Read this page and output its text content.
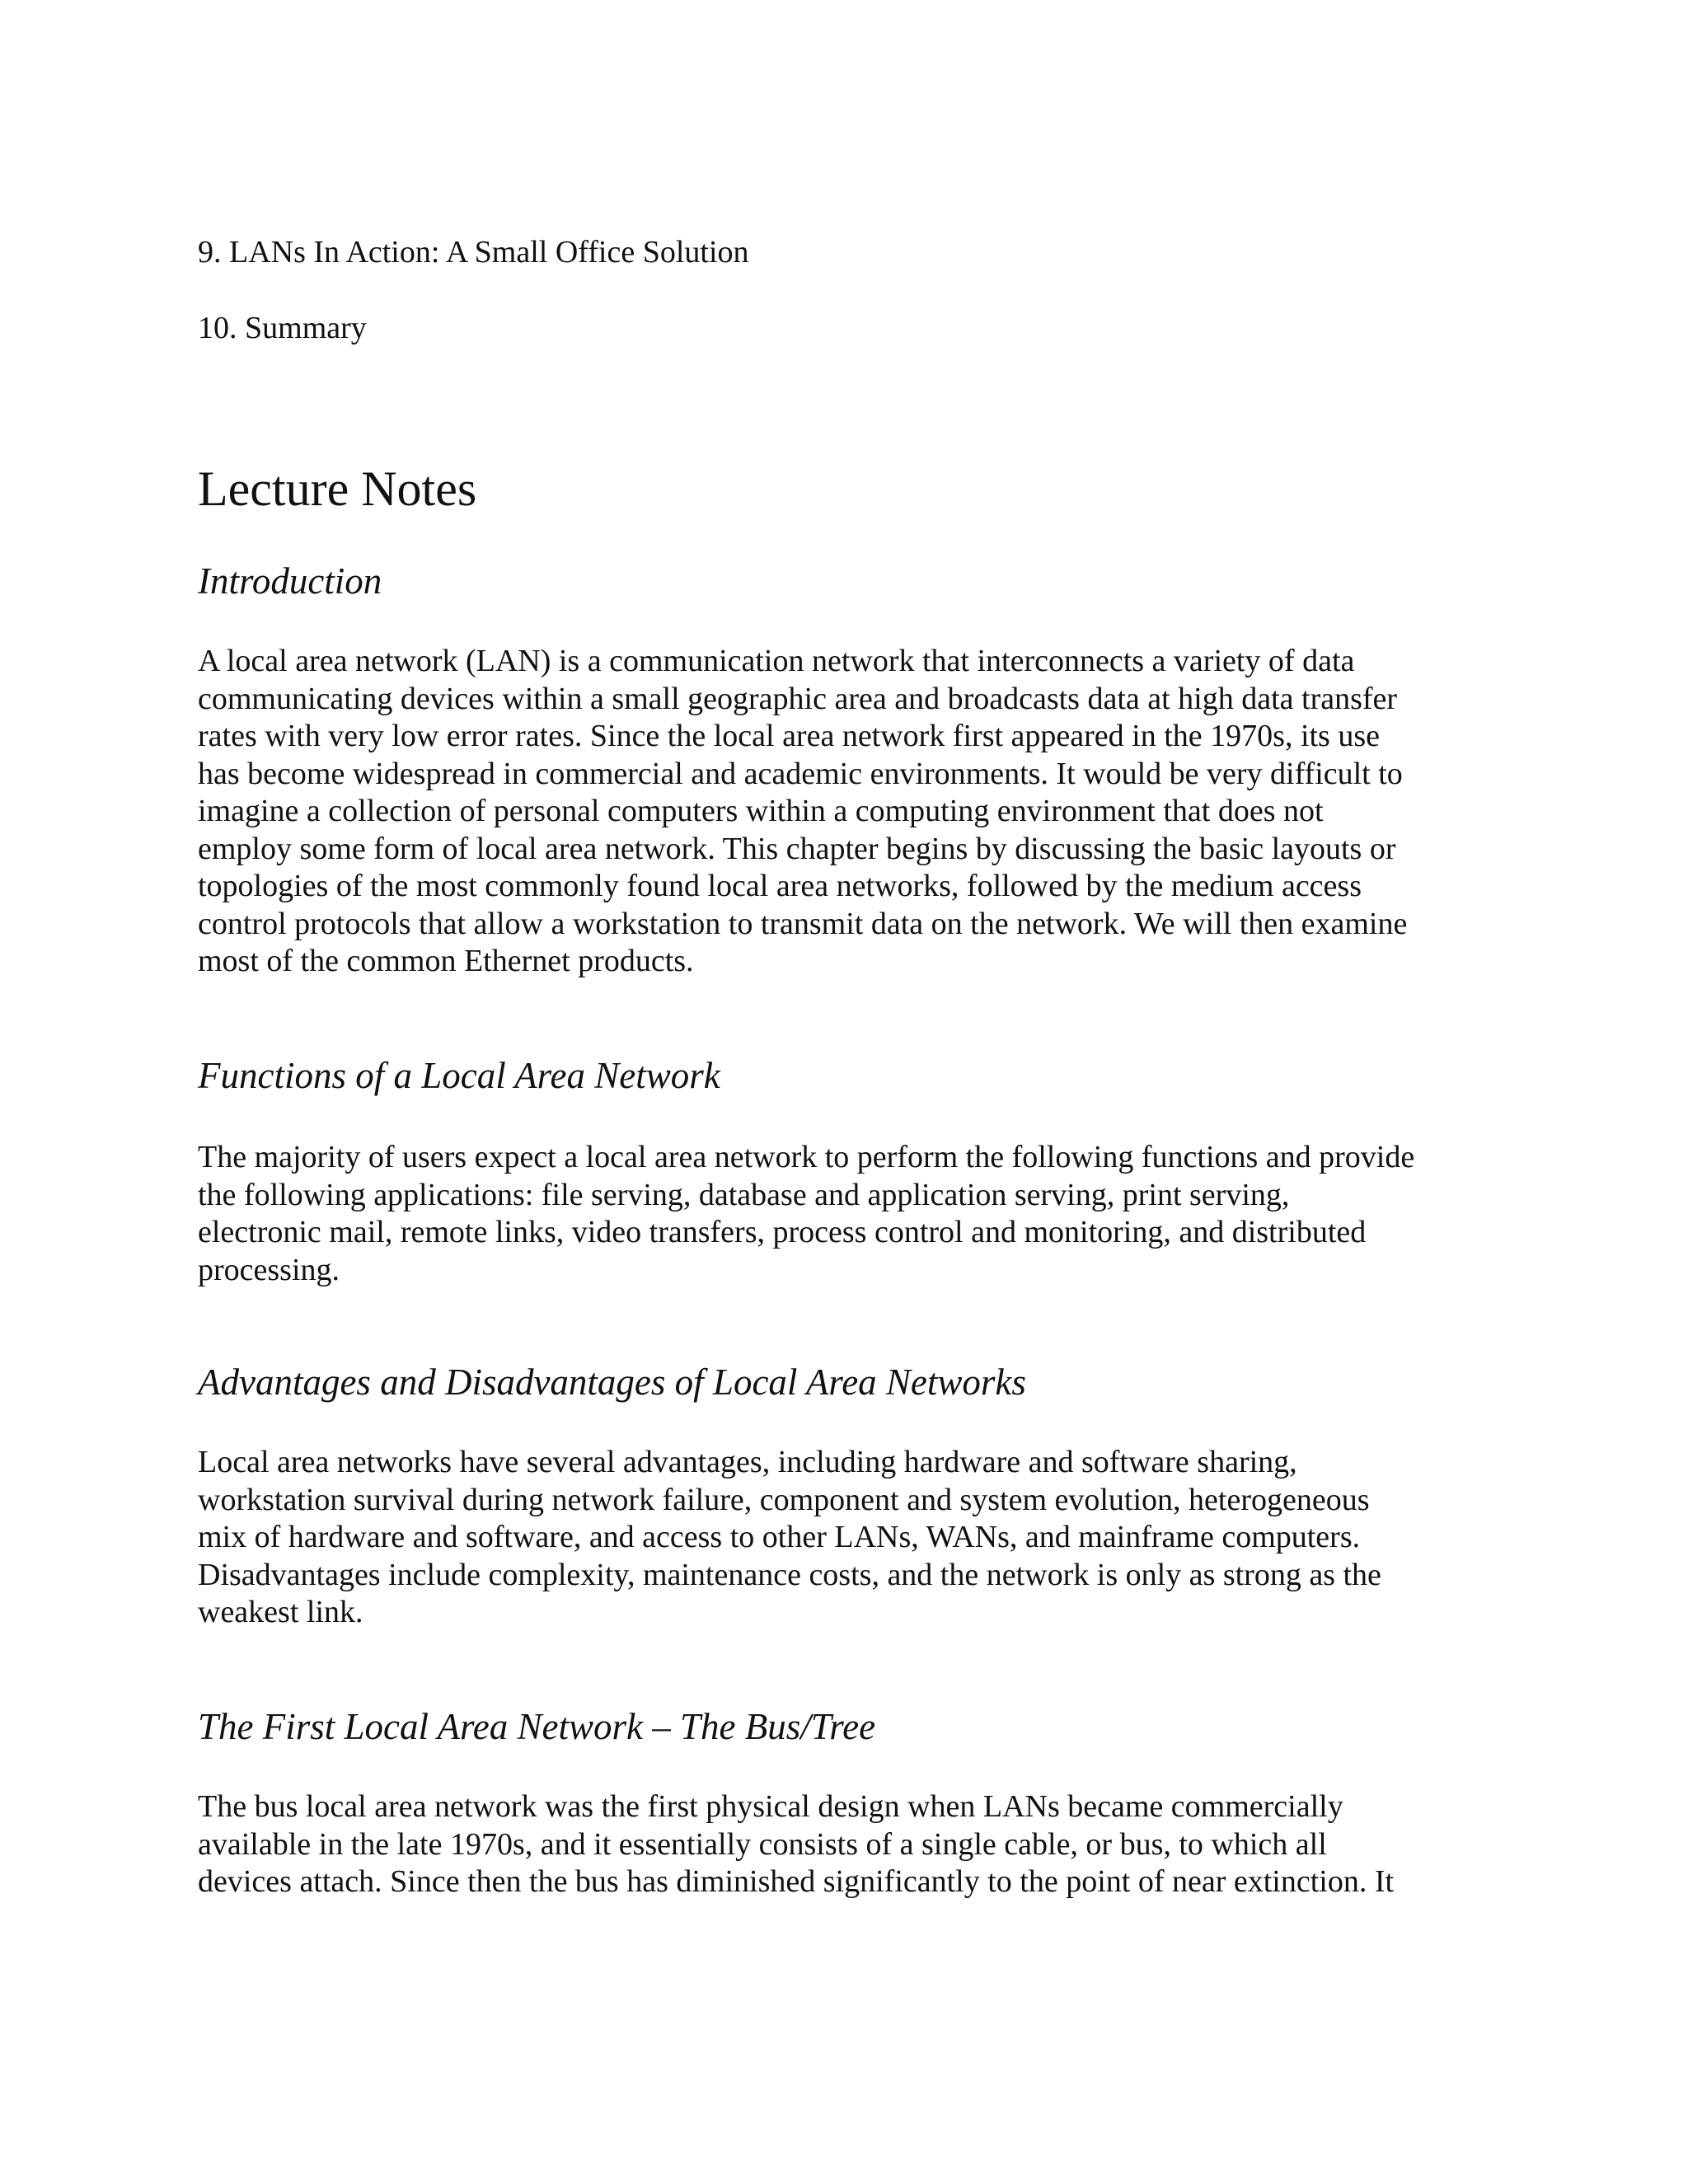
9. LANs In Action: A Small Office Solution
10. Summary
Lecture Notes
Introduction
A local area network (LAN) is a communication network that interconnects a variety of data
communicating devices within a small geographic area and broadcasts data at high data transfer
rates with very low error rates. Since the local area network first appeared in the 1970s, its use
has become widespread in commercial and academic environments. It would be very difficult to
imagine a collection of personal computers within a computing environment that does not
employ some form of local area network. This chapter begins by discussing the basic layouts or
topologies of the most commonly found local area networks, followed by the medium access
control protocols that allow a workstation to transmit data on the network. We will then examine
most of the common Ethernet products.
Functions of a Local Area Network
The majority of users expect a local area network to perform the following functions and provide
the following applications: file serving, database and application serving, print serving,
electronic mail, remote links, video transfers, process control and monitoring, and distributed
processing.
Advantages and Disadvantages of Local Area Networks
Local area networks have several advantages, including hardware and software sharing,
workstation survival during network failure, component and system evolution, heterogeneous
mix of hardware and software, and access to other LANs, WANs, and mainframe computers.
Disadvantages include complexity, maintenance costs, and the network is only as strong as the
weakest link.
The First Local Area Network – The Bus/Tree
The bus local area network was the first physical design when LANs became commercially
available in the late 1970s, and it essentially consists of a single cable, or bus, to which all
devices attach. Since then the bus has diminished significantly to the point of near extinction. It
